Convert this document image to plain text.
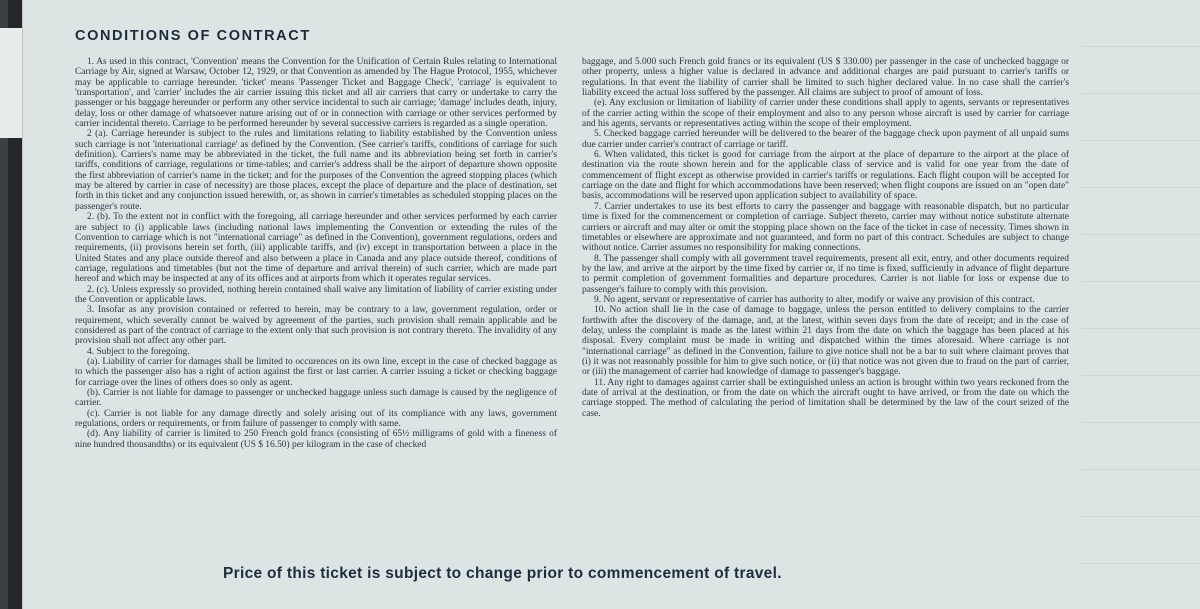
CONDITIONS OF CONTRACT

1. As used in this contract, 'Convention' means the Convention for the Unification of Certain Rules relating to International Carriage by Air, signed at Warsaw, October 12, 1929, or that Convention as amended by The Hague Protocol, 1955, whichever may be applicable to carriage hereunder. 'ticket' means 'Passenger Ticket and Baggage Check', 'carriage' is equivalent to 'transportation', and 'carrier' includes the air carrier issuing this ticket and all air carriers that carry or undertake to carry the passenger or his baggage hereunder or perform any other service incidental to such air carriage; 'damage' includes death, injury, delay, loss or other damage of whatsoever nature arising out of or in connection with carriage or other services performed by carrier incidental thereto. Carriage to be performed hereunder by several successive carriers is regarded as a single operation.

2 (a). Carriage hereunder is subject to the rules and limitations relating to liability established by the Convention unless such carriage is not 'international carriage' as defined by the Convention. (See carrier's tariffs, conditions of carriage for such definition). Carriers's name may be abbreviated in the ticket, the full name and its abbreviation being set forth in carrier's tariffs, conditions of carriage, regulations or time-tables; and carrier's address shall be the airport of departure shown opposite the first abbreviation of carrier's name in the ticket; and for the purposes of the Convention the agreed stopping places (which may be altered by carrier in case of necessity) are those places, except the place of departure and the place of destination, set forth in this ticket and any conjunction issued herewith, or, as shown in carrier's timetables as scheduled stopping places on the passenger's route.

2. (b). To the extent not in conflict with the foregoing, all carriage hereunder and other services performed by each carrier are subject to (i) applicable laws (including national laws implementing the Convention or extending the rules of the Convention to carriage which is not "international carriage" as defined in the Convention), government regulations, orders and requirements, (ii) provisons herein set forth, (iii) applicable tariffs, and (iv) except in transportation between a place in the United States and any place outside thereof and also between a place in Canada and any place outside thereof, conditions of carriage, regulations and timetables (but not the time of departure and arrival therein) of such carrier, which are made part hereof and which may be inspected at any of its offices and at airports from which it operates regular services.

2. (c). Unless expressly so provided, nothing herein contained shall waive any limitation of liability of carrier existing under the Convention or applicable laws.

3. Insofar as any provision contained or referred to herein, may be contrary to a law, government regulation, order or requirement, which severally cannot be waived by agreement of the parties, such provision shall remain applicable and be considered as part of the contract of carriage to the extent only that such provision is not contrary thereto. The invalidity of any provision shall not affect any other part.

4. Subject to the foregoing.

(a). Liability of carrier for damages shall be limited to occurences on its own line, except in the case of checked baggage as to which the passenger also has a right of action against the first or last carrier. A carrier issuing a ticket or checking baggage for carriage over the lines of others does so only as agent.

(b). Carrier is not liable for damage to passenger or unchecked baggage unless such damage is caused by the negligence of carrier.

(c). Carrier is not liable for any damage directly and solely arising out of its compliance with any laws, government regulations, orders or requirements, or from failure of passenger to comply with same.

(d). Any liability of carrier is limited to 250 French gold francs (consisting of 65½ milligrams of gold with a fineness of nine hundred thousandths) or its equivalent (US $ 16.50) per kilogram in the case of checked

baggage, and 5.000 such French gold francs or its equivalent (US $ 330.00) per passenger in the case of unchecked baggage or other property, unless a higher value is declared in advance and additional charges are paid pursuant to carrier's tariffs or regulations. In that event the liability of carrier shall be limited to such higher declared value. In no case shall the carrier's liability exceed the actual loss suffered by the passenger. All claims are subject to proof of amount of loss.

(e). Any exclusion or limitation of liability of carrier under these conditions shall apply to agents, servants or representatives of the carrier acting within the scope of their employment and also to any person whose aircraft is used by carrier for carriage and his agents, servants or representatives acting within the scope of their employment.

5. Checked baggage carried hereunder will be delivered to the bearer of the baggage check upon payment of all unpaid sums due carrier under carrier's contract of carriage or tariff.

6. When validated, this ticket is good for carriage from the airport at the place of departure to the airport at the place of destination via the route shown herein and for the applicable class of service and is valid for one year from the date of commencement of flight except as otherwise provided in carrier's tariffs or regulations. Each flight coupon will be accepted for carriage on the date and flight for which accommodations have been reserved; when flight coupons are issued on an "open date" basis, accommodations will be reserved upon application subject to availability of space.

7. Carrier undertakes to use its best efforts to carry the passenger and baggage with reasonable dispatch, but no particular time is fixed for the commencement or completion of carriage. Subject thereto, carrier may without notice substitute alternate carriers or aircraft and may alter or omit the stopping place shown on the face of the ticket in case of necessity. Times shown in timetables or elsewhere are approximate and not guaranteed, and form no part of this contract. Schedules are subject to change without notice. Carrier assumes no responsibility for making connections.

8. The passenger shall comply with all government travel requirements, present all exit, entry, and other documents required by the law, and arrive at the airport by the time fixed by carrier or, if no time is fixed, sufficiently in advance of flight departure to permit completion of government formalities and departure procedures. Carrier is not liable for loss or expense due to passenger's failure to comply with this provision.

9. No agent, servant or representative of carrier has authority to alter, modify or waive any provision of this contract.

10. No action shall lie in the case of damage to baggage, unless the person entitled to delivery complains to the carrier forthwith after the discovery of the damage, and, at the latest, within seven days from the date of receipt; and in the case of delay, unless the complaint is made as the latest within 21 days from the date on which the baggage has been placed at his disposal. Every complaint must be made in writing and dispatched within the times aforesaid. Where carriage is not "international carriage" as defined in the Convention, failure to give notice shall not be a bar to suit where claimant proves that (i) it was not reasonably possible for him to give such notice, or (ii) that notice was not given due to fraud on the part of carrier, or (iii) the management of carrier had knowledge of damage to passenger's baggage.

11. Any right to damages against carrier shall be extinguished unless an action is brought within two years reckoned from the date of arrival at the destination, or from the date on which the aircraft ought to have arrived, or from the date on which the carriage stopped. The method of calculating the period of limitation shall be determined by the law of the court seized of the case.

Price of this ticket is subject to change prior to commencement of travel.
